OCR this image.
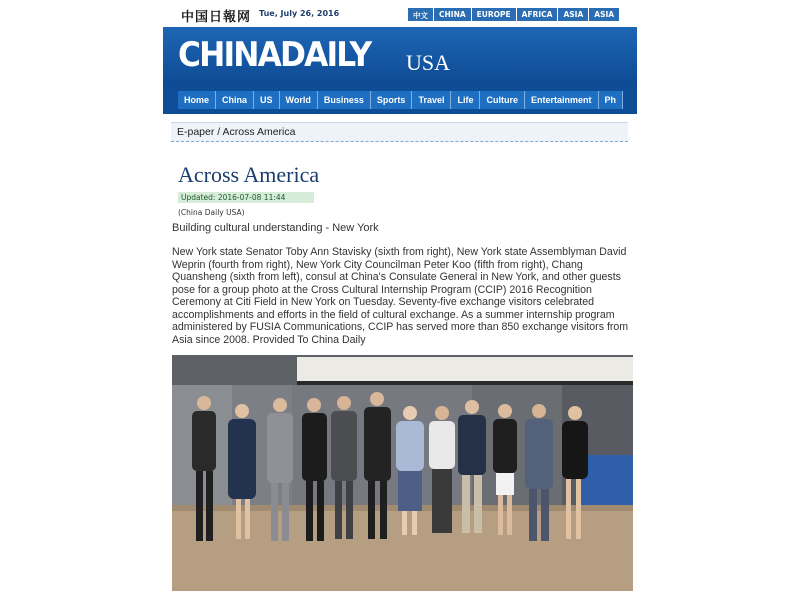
中国日報网 Tue, July 26, 2016	中文	CHINA	EUROPE	AFRICA	ASIA	ASIA
CHINADAILY USA
Home	China	US	World	Business	Sports	Travel	Life	Culture	Entertainment	Ph
E-paper / Across America
Across America
Updated: 2016-07-08 11:44
(China Daily USA)
Building cultural understanding - New York
New York state Senator Toby Ann Stavisky (sixth from right), New York state Assemblyman David Weprin (fourth from right), New York City Councilman Peter Koo (fifth from right), Chang Quansheng (sixth from left), consul at China's Consulate General in New York, and other guests pose for a group photo at the Cross Cultural Internship Program (CCIP) 2016 Recognition Ceremony at Citi Field in New York on Tuesday. Seventy-five exchange visitors celebrated accomplishments and efforts in the field of cultural exchange. As a summer internship program administered by FUSIA Communications, CCIP has served more than 850 exchange visitors from Asia since 2008. Provided To China Daily
